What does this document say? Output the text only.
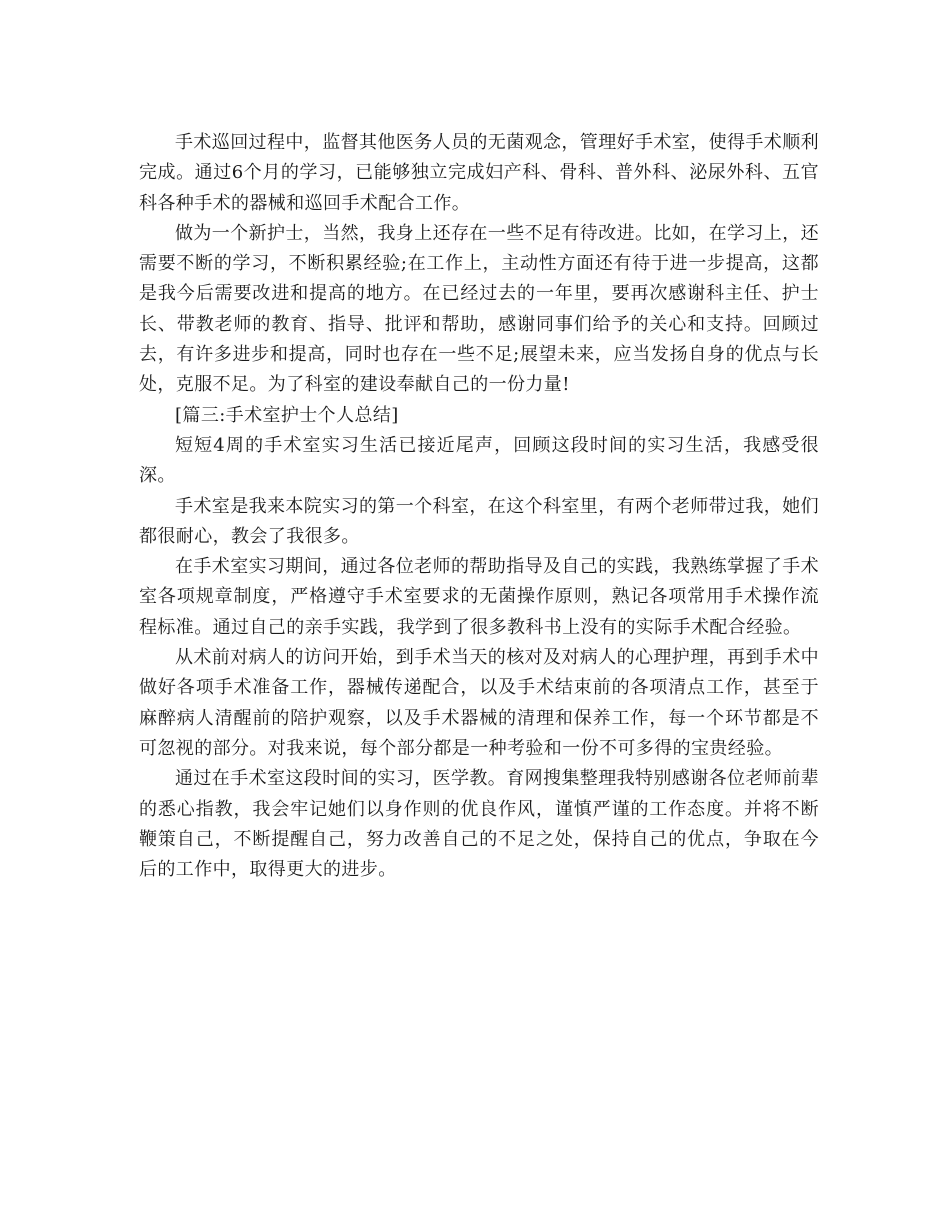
手术巡回过程中，监督其他医务人员的无菌观念，管理好手术室，使得手术顺利完成。通过6个月的学习，已能够独立完成妇产科、骨科、普外科、泌尿外科、五官科各种手术的器械和巡回手术配合工作。

做为一个新护士，当然，我身上还存在一些不足有待改进。比如，在学习上，还需要不断的学习，不断积累经验;在工作上，主动性方面还有待于进一步提高，这都是我今后需要改进和提高的地方。在已经过去的一年里，要再次感谢科主任、护士长、带教老师的教育、指导、批评和帮助，感谢同事们给予的关心和支持。回顾过去，有许多进步和提高，同时也存在一些不足;展望未来，应当发扬自身的优点与长处，克服不足。为了科室的建设奉献自己的一份力量!

[篇三:手术室护士个人总结]

短短4周的手术室实习生活已接近尾声，回顾这段时间的实习生活，我感受很深。

手术室是我来本院实习的第一个科室，在这个科室里，有两个老师带过我，她们都很耐心，教会了我很多。

在手术室实习期间，通过各位老师的帮助指导及自己的实践，我熟练掌握了手术室各项规章制度，严格遵守手术室要求的无菌操作原则，熟记各项常用手术操作流程标准。通过自己的亲手实践，我学到了很多教科书上没有的实际手术配合经验。

从术前对病人的访问开始，到手术当天的核对及对病人的心理护理，再到手术中做好各项手术准备工作，器械传递配合，以及手术结束前的各项清点工作，甚至于麻醉病人清醒前的陪护观察，以及手术器械的清理和保养工作，每一个环节都是不可忽视的部分。对我来说，每个部分都是一种考验和一份不可多得的宝贵经验。

通过在手术室这段时间的实习，医学教。育网搜集整理我特别感谢各位老师前辈的悉心指教，我会牢记她们以身作则的优良作风，谨慎严谨的工作态度。并将不断鞭策自己，不断提醒自己，努力改善自己的不足之处，保持自己的优点，争取在今后的工作中，取得更大的进步。
